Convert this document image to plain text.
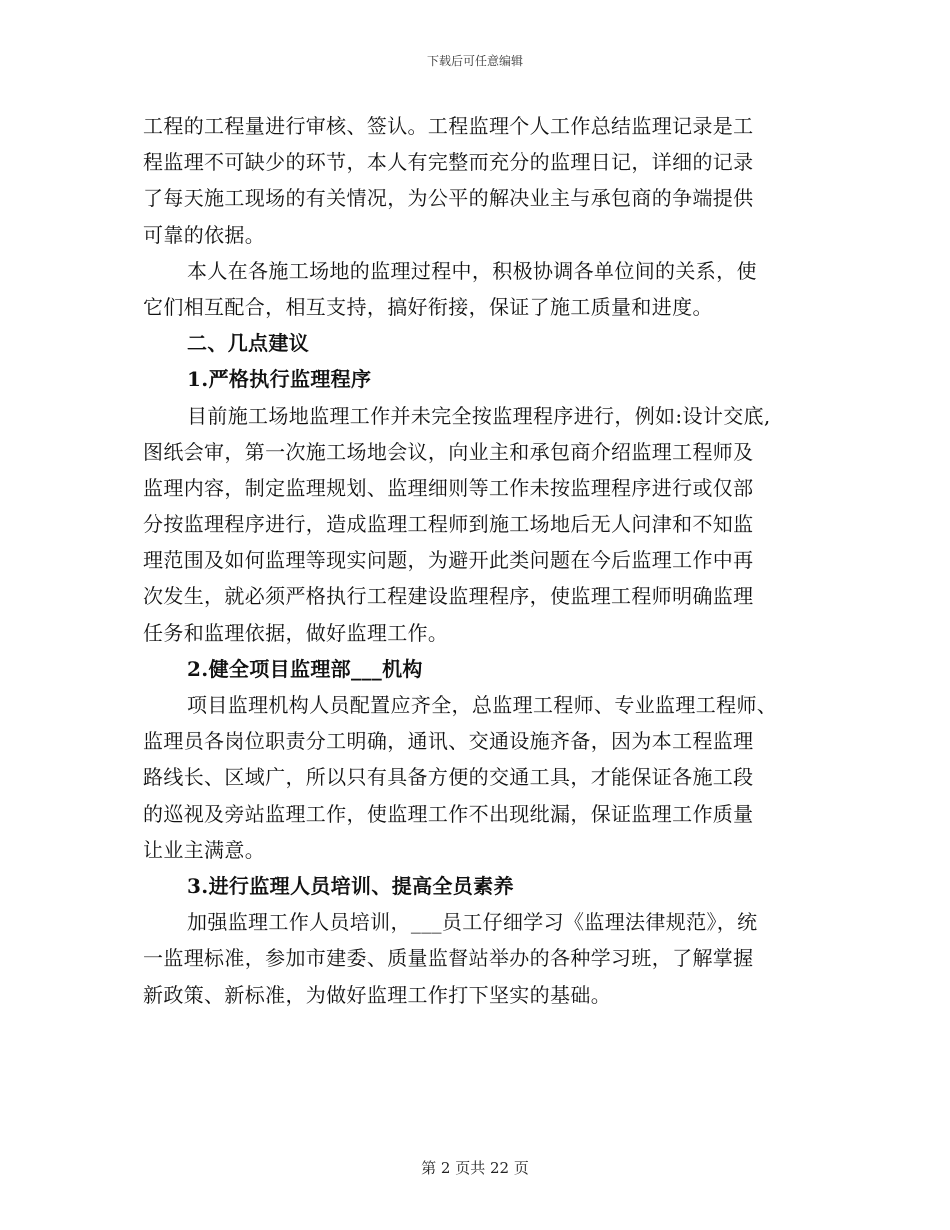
下载后可任意编辑
工程的工程量进行审核、签认。工程监理个人工作总结监理记录是工
程监理不可缺少的环节，本人有完整而充分的监理日记，详细的记录
了每天施工现场的有关情况，为公平的解决业主与承包商的争端提供
可靠的依据。
本人在各施工场地的监理过程中，积极协调各单位间的关系，使
它们相互配合，相互支持，搞好衔接，保证了施工质量和进度。
二、几点建议
1.严格执行监理程序
目前施工场地监理工作并未完全按监理程序进行，例如:设计交底,
图纸会审，第一次施工场地会议，向业主和承包商介绍监理工程师及
监理内容，制定监理规划、监理细则等工作未按监理程序进行或仅部
分按监理程序进行，造成监理工程师到施工场地后无人问津和不知监
理范围及如何监理等现实问题，为避开此类问题在今后监理工作中再
次发生，就必须严格执行工程建设监理程序，使监理工程师明确监理
任务和监理依据，做好监理工作。
2.健全项目监理部___机构
项目监理机构人员配置应齐全，总监理工程师、专业监理工程师、
监理员各岗位职责分工明确，通讯、交通设施齐备，因为本工程监理
路线长、区域广，所以只有具备方便的交通工具，才能保证各施工段
的巡视及旁站监理工作，使监理工作不出现纰漏，保证监理工作质量
让业主满意。
3.进行监理人员培训、提高全员素养
加强监理工作人员培训，___员工仔细学习《监理法律规范》，统
一监理标准，参加市建委、质量监督站举办的各种学习班，了解掌握
新政策、新标准，为做好监理工作打下坚实的基础。
第 2 页共 22 页
